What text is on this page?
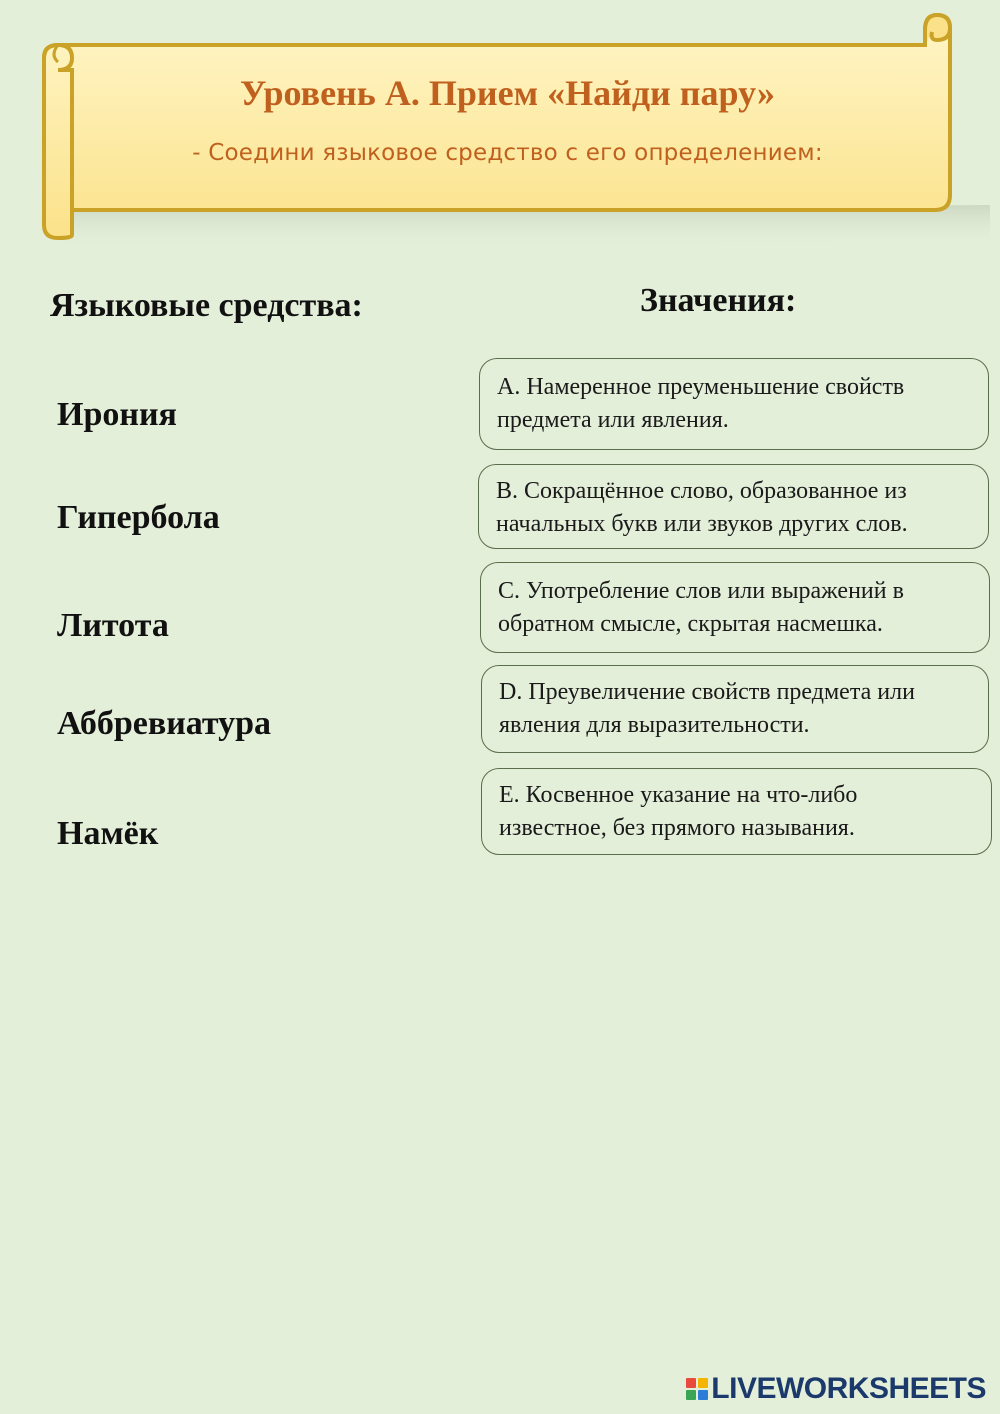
Уровень А. Прием «Найди пару»
- Соедини языковое средство с его определением:
Языковые средства:	Значения:
Ирония
Гипербола
Литота
Аббревиатура
Намёк
А. Намеренное преуменьшение свойств
предмета или явления.
В. Сокращённое слово, образованное из
начальных букв или звуков других слов.
С. Употребление слов или выражений в
обратном смысле, скрытая насмешка.
D. Преувеличение свойств предмета или
явления для выразительности.
E. Косвенное указание на что-либо
известное, без прямого называния.
LIVEWORKSHEETS
